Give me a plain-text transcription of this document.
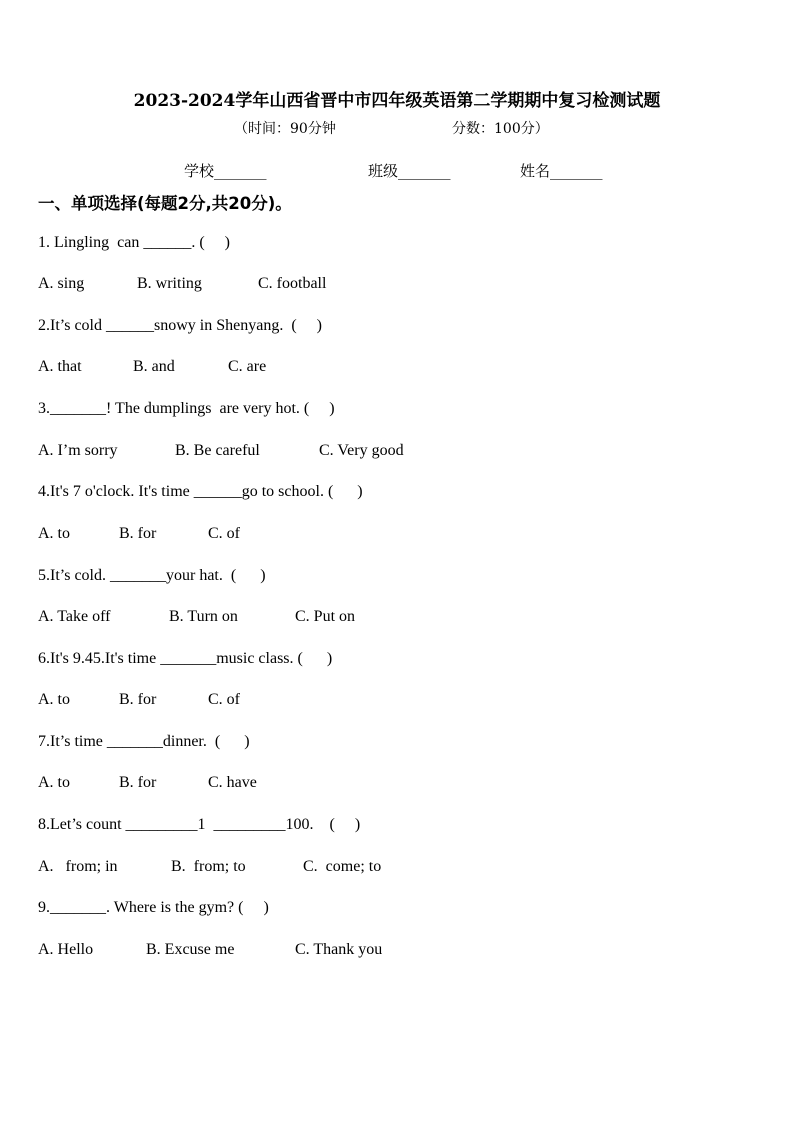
2023-2024学年山西省晋中市四年级英语第二学期期中复习检测试题
（时间：90分钟	分数：100分）
学校_______	班级_______	姓名_______
一、单项选择(每题2分,共20分)。
1. Lingling  can ______. (     )

A. sing

	B. writing

	C. football

2.It’s cold ______snowy in Shenyang.  (     )

A. that

	B. and

	C. are

3._______! The dumplings  are very hot. (     )

A. I’m sorry

	B. Be careful

	C. Very good

4.It's 7 o'clock. It's time ______go to school. (      )

A. to

	B. for

	C. of

5.It’s cold. _______your hat.  (      )

A. Take off

	B. Turn on

	C. Put on

6.It's 9.45.It's time _______music class. (      )

A. to

	B. for

	C. of

7.It’s time _______dinner.  (      )

A. to

	B. for

	C. have

8.Let’s count _________1  _________100.    (     )

A.   from; in

	B.  from; to

	C.  come; to

9._______. Where is the gym? (     )

A. Hello

	B. Excuse me

	C. Thank you
